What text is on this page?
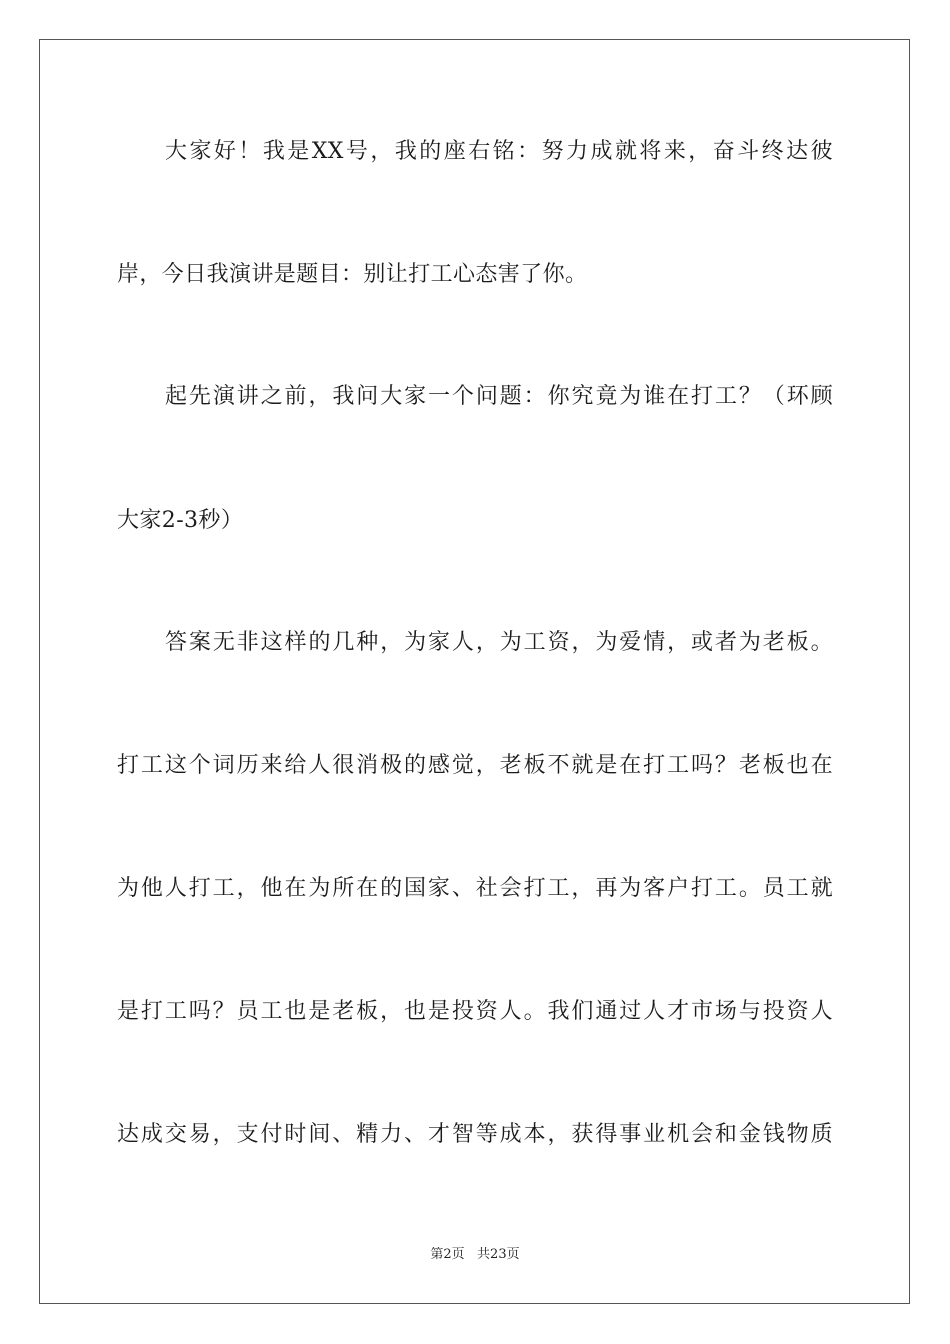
大家好！我是XX号，我的座右铭：努力成就将来，奋斗终达彼
岸，今日我演讲是题目：别让打工心态害了你。
起先演讲之前，我问大家一个问题：你究竟为谁在打工？（环顾
大家2-3秒）
答案无非这样的几种，为家人，为工资，为爱情，或者为老板。
打工这个词历来给人很消极的感觉，老板不就是在打工吗？老板也在
为他人打工，他在为所在的国家、社会打工，再为客户打工。员工就
是打工吗？员工也是老板，也是投资人。我们通过人才市场与投资人
达成交易，支付时间、精力、才智等成本，获得事业机会和金钱物质
第2页   共23页
